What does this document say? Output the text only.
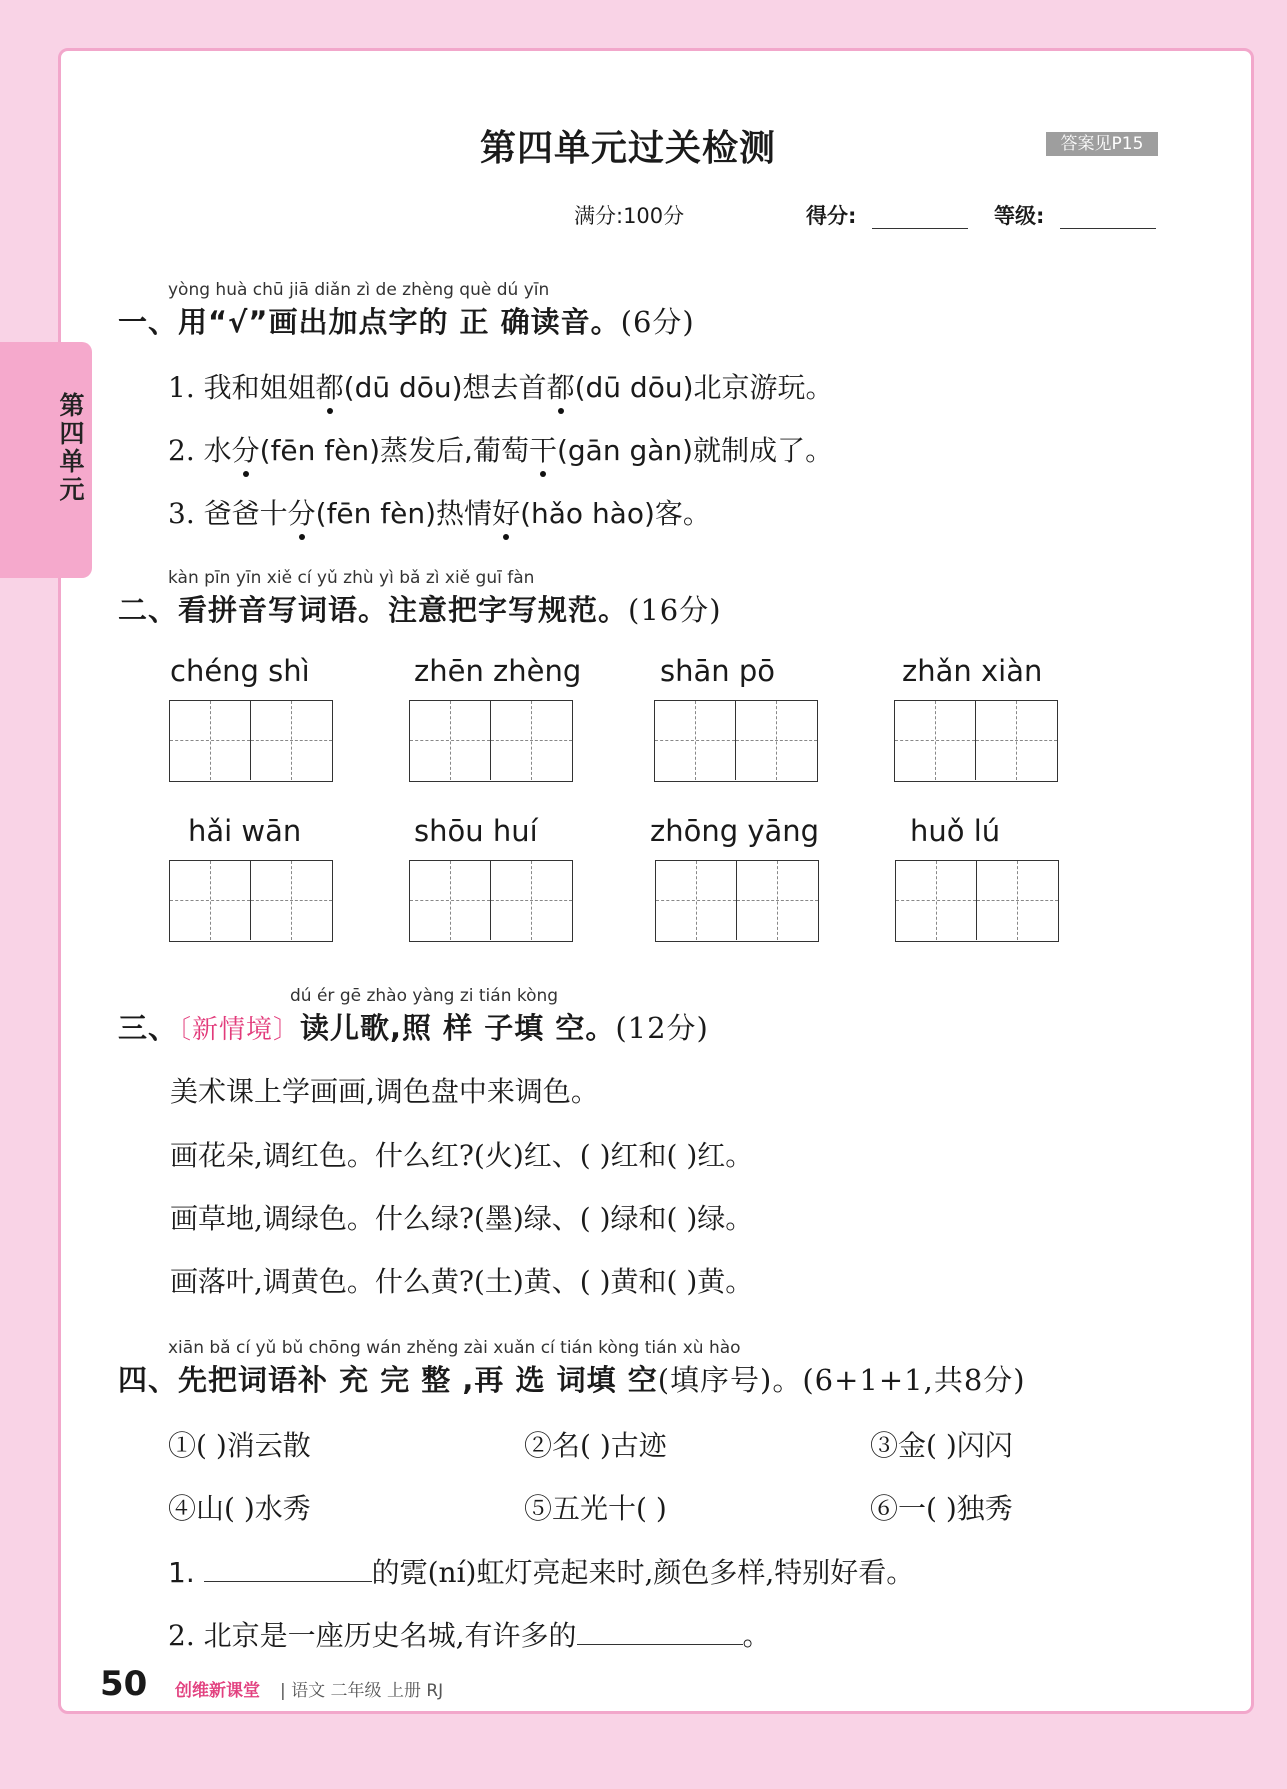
第四单元
第四单元过关检测	答案见P15
满分:100分	得分:	等级:
yòng huà chū jiā diǎn zì de zhèng què dú yīn
一、用“√”画出加点字的 正 确读音。(6分)
1. 我和姐姐都(dū dōu)想去首都(dū dōu)北京游玩。
2. 水分(fēn fèn)蒸发后,葡萄干(gān gàn)就制成了。
3. 爸爸十分(fēn fèn)热情好(hǎo hào)客。
kàn pīn yīn xiě cí yǔ zhù yì bǎ zì xiě guī fàn
二、看拼音写词语。注意把字写规范。(16分)
chéng shì	zhēn zhèng	shān pō	zhǎn xiàn
hǎi wān	shōu huí	zhōng yāng	huǒ lú
dú ér gē zhào yàng zi tián kòng
三、〔新情境〕读儿歌,照 样 子填 空。(12分)
美术课上学画画,调色盘中来调色。
画花朵,调红色。什么红?(火)红、( )红和( )红。
画草地,调绿色。什么绿?(墨)绿、( )绿和( )绿。
画落叶,调黄色。什么黄?(土)黄、( )黄和( )黄。
xiān bǎ cí yǔ bǔ chōng wán zhěng zài xuǎn cí tián kòng tián xù hào
四、先把词语补 充 完 整 ,再 选 词填 空(填序号)。(6+1+1,共8分)
①( )消云散	②名( )古迹	③金( )闪闪
④山( )水秀	⑤五光十( )	⑥一( )独秀
1.	的霓(ní)虹灯亮起来时,颜色多样,特别好看。
2. 北京是一座历史名城,有许多的	。
50 创维新课堂 | 语文 二年级 上册 RJ
